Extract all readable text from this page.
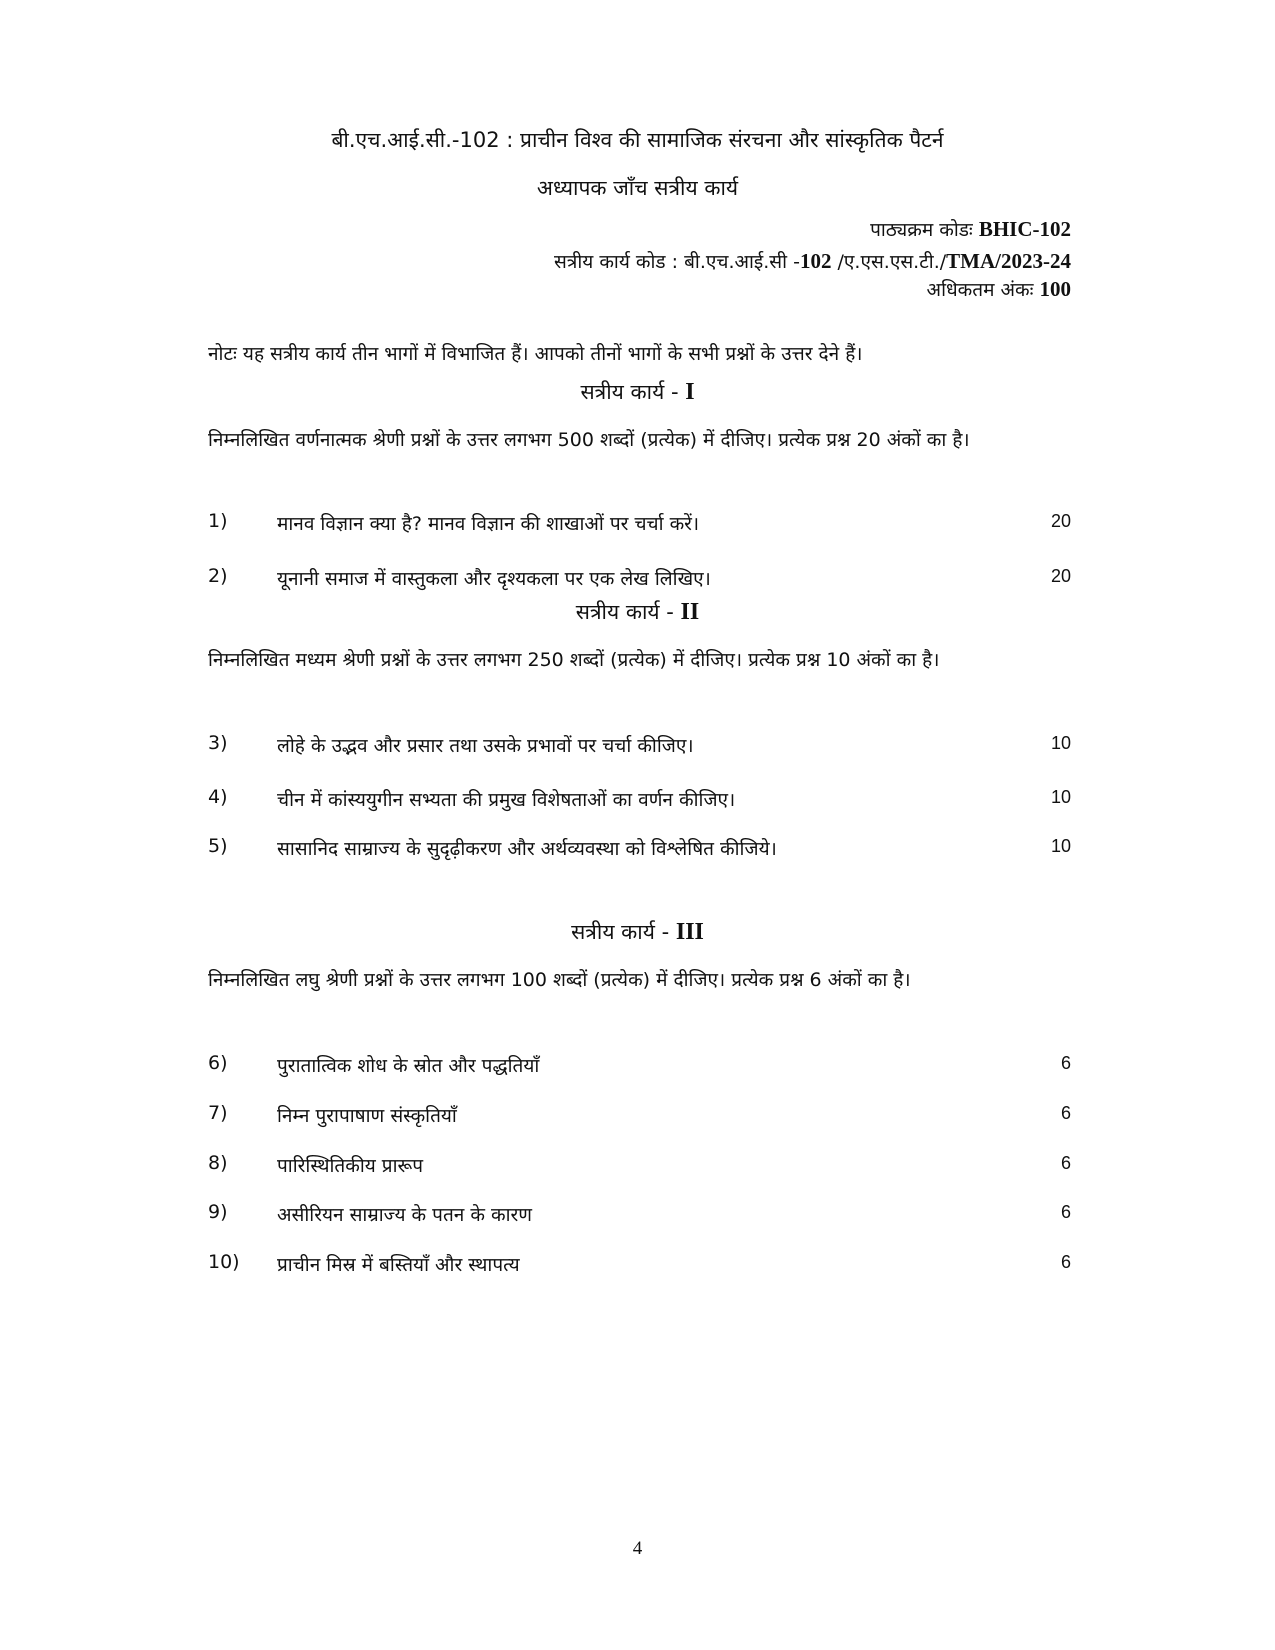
बी.एच.आई.सी.-102 : प्राचीन विश्व की सामाजिक संरचना और सांस्कृतिक पैटर्न
अध्यापक जाँच सत्रीय कार्य
पाठ्यक्रम कोडः BHIC-102
सत्रीय कार्य कोड : बी.एच.आई.सी -102 /ए.एस.एस.टी./TMA/2023-24
अधिकतम अंकः 100
नोटः यह सत्रीय कार्य तीन भागों में विभाजित हैं। आपको तीनों भागों के सभी प्रश्नों के उत्तर देने हैं।
सत्रीय कार्य - I
निम्नलिखित वर्णनात्मक श्रेणी प्रश्नों के उत्तर लगभग 500 शब्दों (प्रत्येक) में दीजिए। प्रत्येक प्रश्न 20 अंकों का है।
1)	मानव विज्ञान क्या है? मानव विज्ञान की शाखाओं पर चर्चा करें।	20
2)	यूनानी समाज में वास्तुकला और दृश्यकला पर एक लेख लिखिए।	20
सत्रीय कार्य - II
निम्नलिखित मध्यम श्रेणी प्रश्नों के उत्तर लगभग 250 शब्दों (प्रत्येक) में दीजिए। प्रत्येक प्रश्न 10 अंकों का है।
3)	लोहे के उद्भव और प्रसार तथा उसके प्रभावों पर चर्चा कीजिए।	10
4)	चीन में कांस्ययुगीन सभ्यता की प्रमुख विशेषताओं का वर्णन कीजिए।	10
5)	सासानिद साम्राज्य के सुदृढ़ीकरण और अर्थव्यवस्था को विश्लेषित कीजिये।	10
सत्रीय कार्य - III
निम्नलिखित लघु श्रेणी प्रश्नों के उत्तर लगभग 100 शब्दों (प्रत्येक) में दीजिए। प्रत्येक प्रश्न 6 अंकों का है।
6)	पुरातात्विक शोध के स्रोत और पद्धतियाँ	6
7)	निम्न पुरापाषाण संस्कृतियाँ	6
8)	पारिस्थितिकीय प्रारूप	6
9)	असीरियन साम्राज्य के पतन के कारण	6
10) प्राचीन मिस्र में बस्तियाँ और स्थापत्य	6
4
